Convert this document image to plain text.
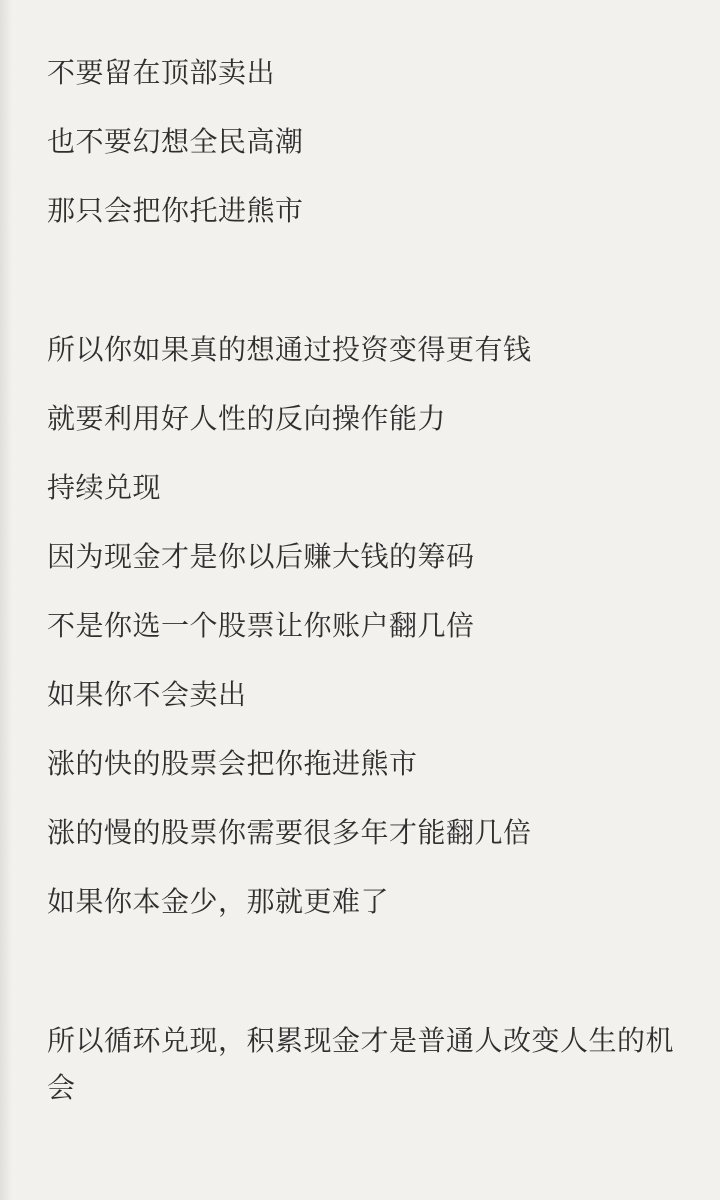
不要留在顶部卖出

也不要幻想全民高潮

那只会把你托进熊市

所以你如果真的想通过投资变得更有钱

就要利用好人性的反向操作能力

持续兑现

因为现金才是你以后赚大钱的筹码

不是你选一个股票让你账户翻几倍

如果你不会卖出

涨的快的股票会把你拖进熊市

涨的慢的股票你需要很多年才能翻几倍

如果你本金少，那就更难了

所以循环兑现，积累现金才是普通人改变人生的机会
